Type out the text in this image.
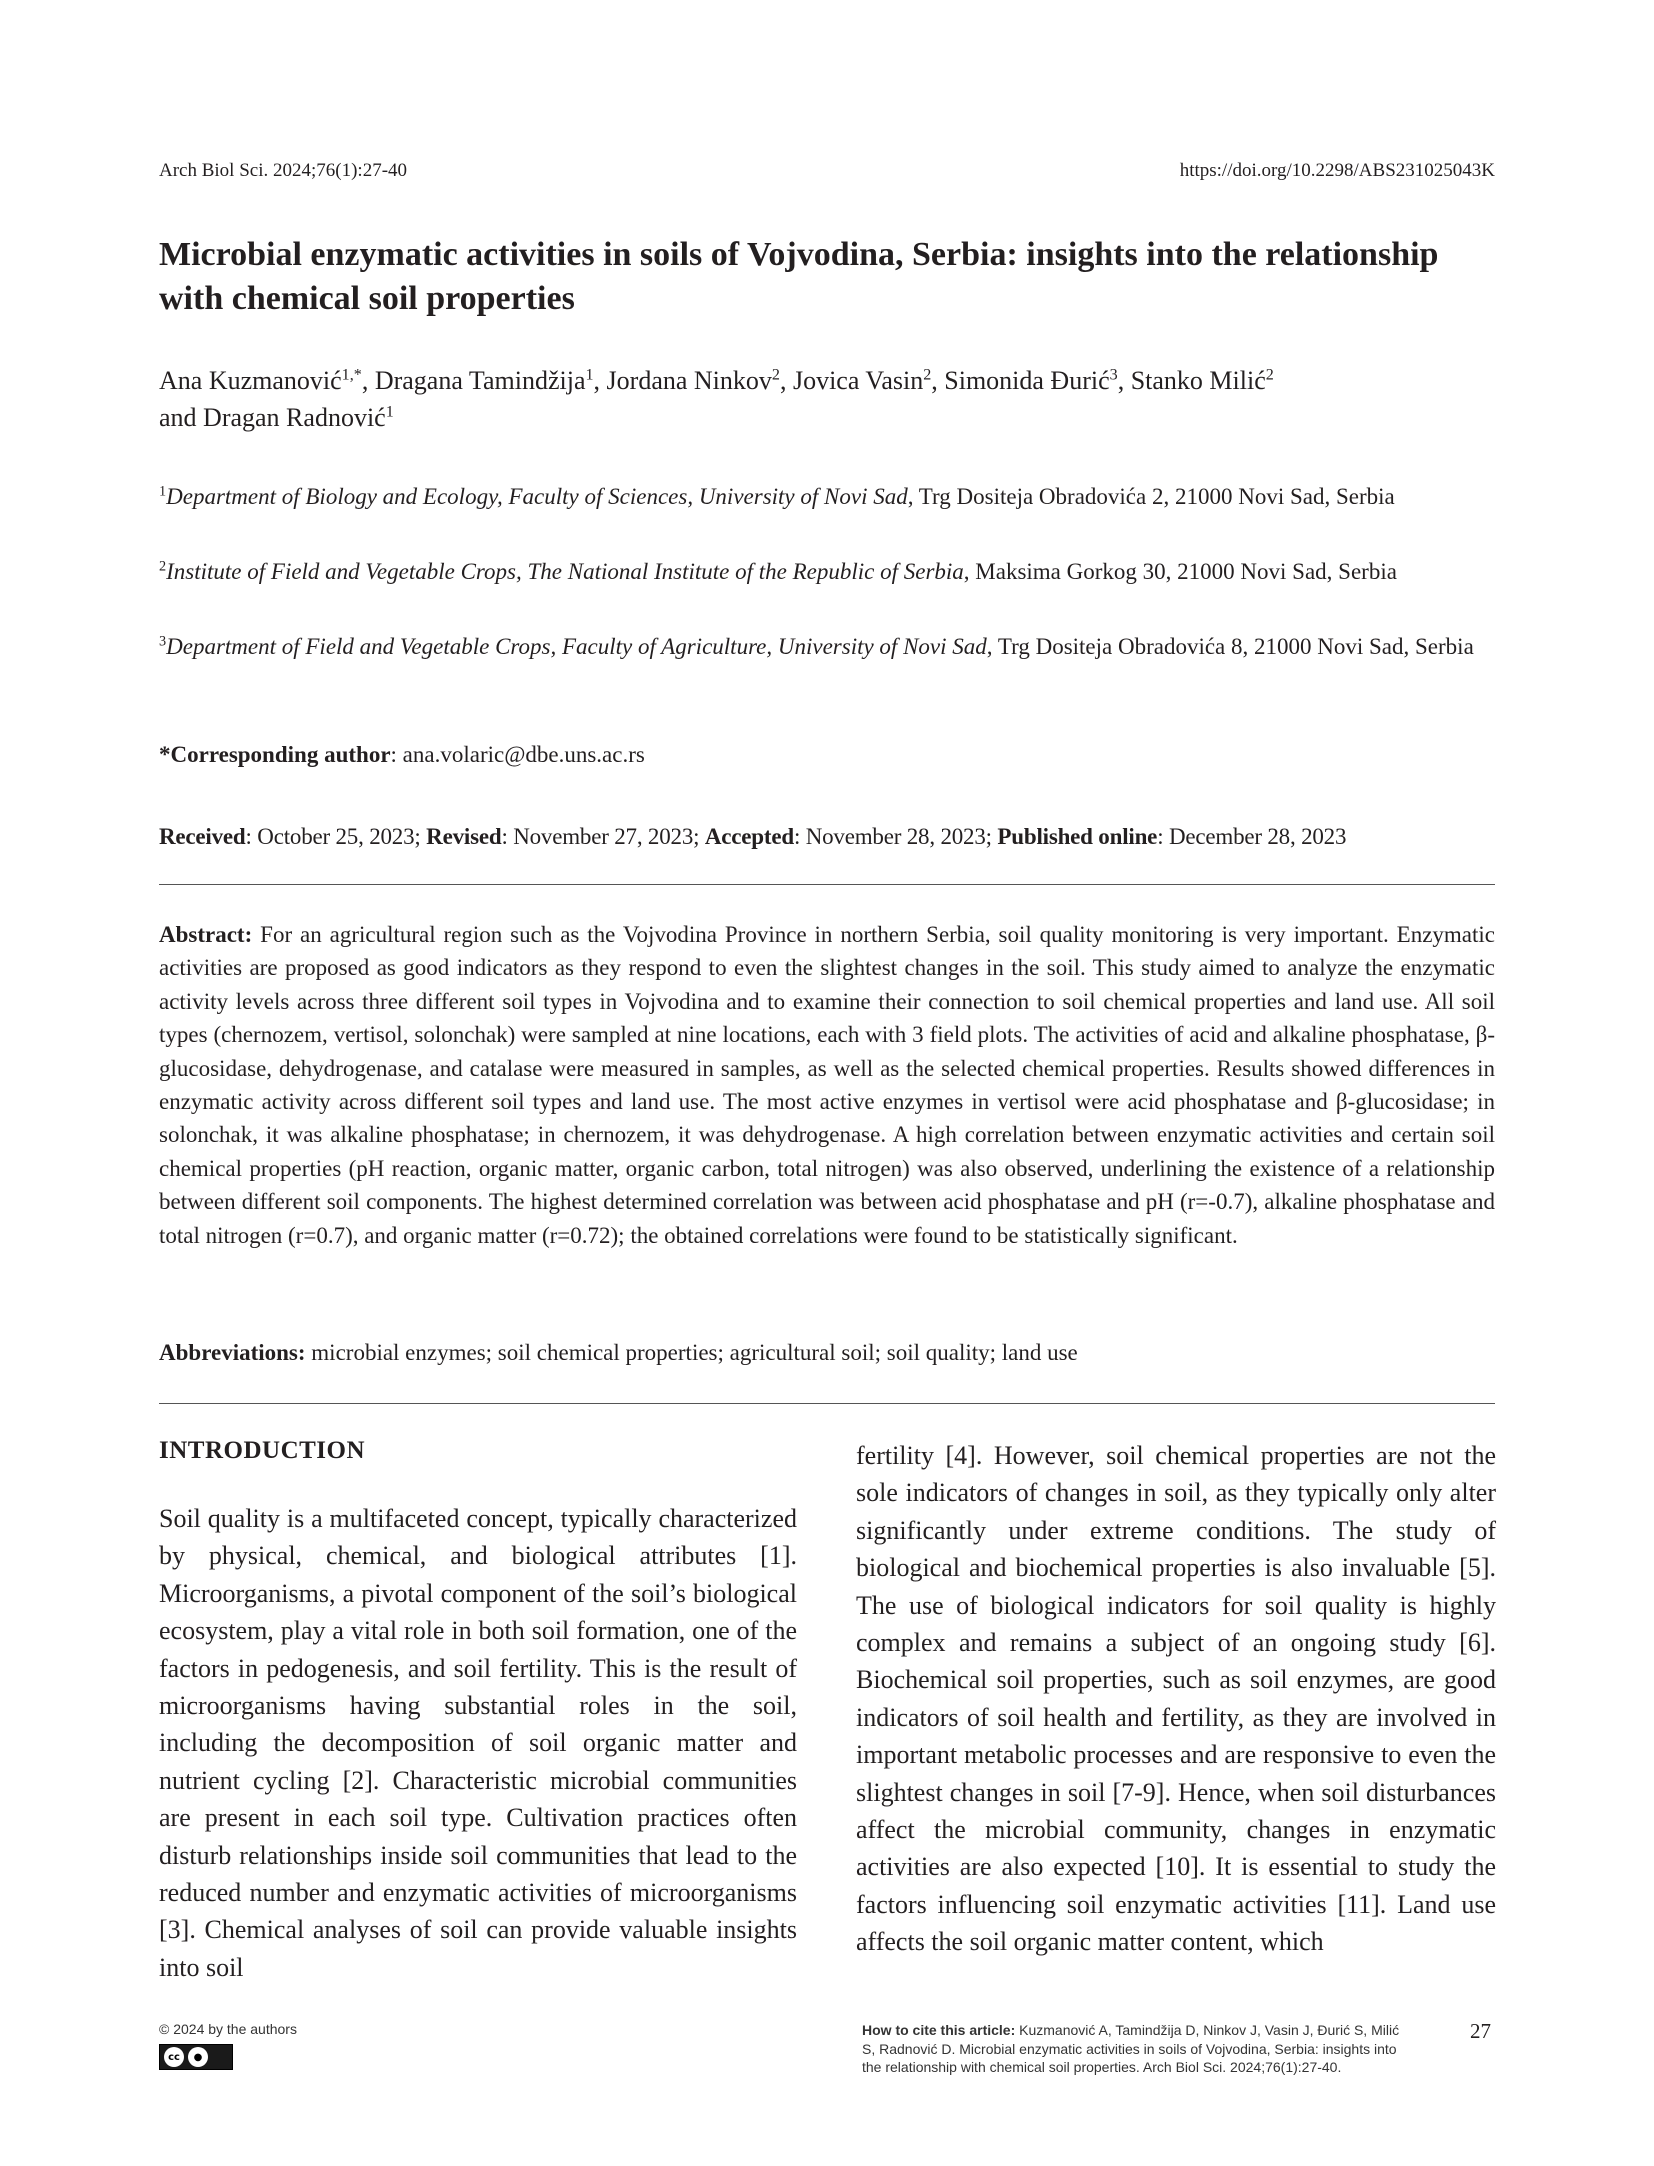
Arch Biol Sci. 2024;76(1):27-40	https://doi.org/10.2298/ABS231025043K
Microbial enzymatic activities in soils of Vojvodina, Serbia: insights into the relationship with chemical soil properties
Ana Kuzmanović$^{1,*}$, Dragana Tamindžija$^1$, Jordana Ninkov$^2$, Jovica Vasin$^2$, Simonida Đurić$^3$, Stanko Milić$^2$
and Dragan Radnović$^1$
$^1$Department of Biology and Ecology, Faculty of Sciences, University of Novi Sad, Trg Dositeja Obradovića 2, 21000 Novi Sad, Serbia
$^2$Institute of Field and Vegetable Crops, The National Institute of the Republic of Serbia, Maksima Gorkog 30, 21000 Novi Sad, Serbia
$^3$Department of Field and Vegetable Crops, Faculty of Agriculture, University of Novi Sad, Trg Dositeja Obradovića 8, 21000 Novi Sad, Serbia
*Corresponding author: ana.volaric@dbe.uns.ac.rs
Received: October 25, 2023; Revised: November 27, 2023; Accepted: November 28, 2023; Published online: December 28, 2023
Abstract: For an agricultural region such as the Vojvodina Province in northern Serbia, soil quality monitoring is very important. Enzymatic activities are proposed as good indicators as they respond to even the slightest changes in the soil. This study aimed to analyze the enzymatic activity levels across three different soil types in Vojvodina and to examine their connection to soil chemical properties and land use. All soil types (chernozem, vertisol, solonchak) were sampled at nine locations, each with 3 field plots. The activities of acid and alkaline phosphatase, β-glucosidase, dehydrogenase, and catalase were measured in samples, as well as the selected chemical properties. Results showed differences in enzymatic activity across different soil types and land use. The most active enzymes in vertisol were acid phosphatase and β-glucosidase; in solonchak, it was alkaline phosphatase; in chernozem, it was dehydrogenase. A high correlation between enzymatic activities and certain soil chemical properties (pH reaction, organic matter, organic carbon, total nitrogen) was also observed, underlining the existence of a relationship between different soil components. The highest determined correlation was between acid phosphatase and pH (r=-0.7), alkaline phosphatase and total nitrogen (r=0.7), and organic matter (r=0.72); the obtained correlations were found to be statistically significant.
Abbreviations: microbial enzymes; soil chemical properties; agricultural soil; soil quality; land use
INTRODUCTION
Soil quality is a multifaceted concept, typically characterized by physical, chemical, and biological attributes [1]. Microorganisms, a pivotal component of the soil’s biological ecosystem, play a vital role in both soil formation, one of the factors in pedogenesis, and soil fertility. This is the result of microorganisms having substantial roles in the soil, including the decomposition of soil organic matter and nutrient cycling [2]. Characteristic microbial communities are present in each soil type. Cultivation practices often disturb relationships inside soil communities that lead to the reduced number and enzymatic activities of microorganisms [3]. Chemical analyses of soil can provide valuable insights into soil
fertility [4]. However, soil chemical properties are not the sole indicators of changes in soil, as they typically only alter significantly under extreme conditions. The study of biological and biochemical properties is also invaluable [5]. The use of biological indicators for soil quality is highly complex and remains a subject of an ongoing study [6]. Biochemical soil properties, such as soil enzymes, are good indicators of soil health and fertility, as they are involved in important metabolic processes and are responsive to even the slightest changes in soil [7-9]. Hence, when soil disturbances affect the microbial community, changes in enzymatic activities are also expected [10]. It is essential to study the factors influencing soil enzymatic activities [11]. Land use affects the soil organic matter content, which
© 2024 by the authors
cc	●
How to cite this article: Kuzmanović A, Tamindžija D, Ninkov J, Vasin J, Đurić S, Milić S, Radnović D. Microbial enzymatic activities in soils of Vojvodina, Serbia: insights into the relationship with chemical soil properties. Arch Biol Sci. 2024;76(1):27-40.
27
